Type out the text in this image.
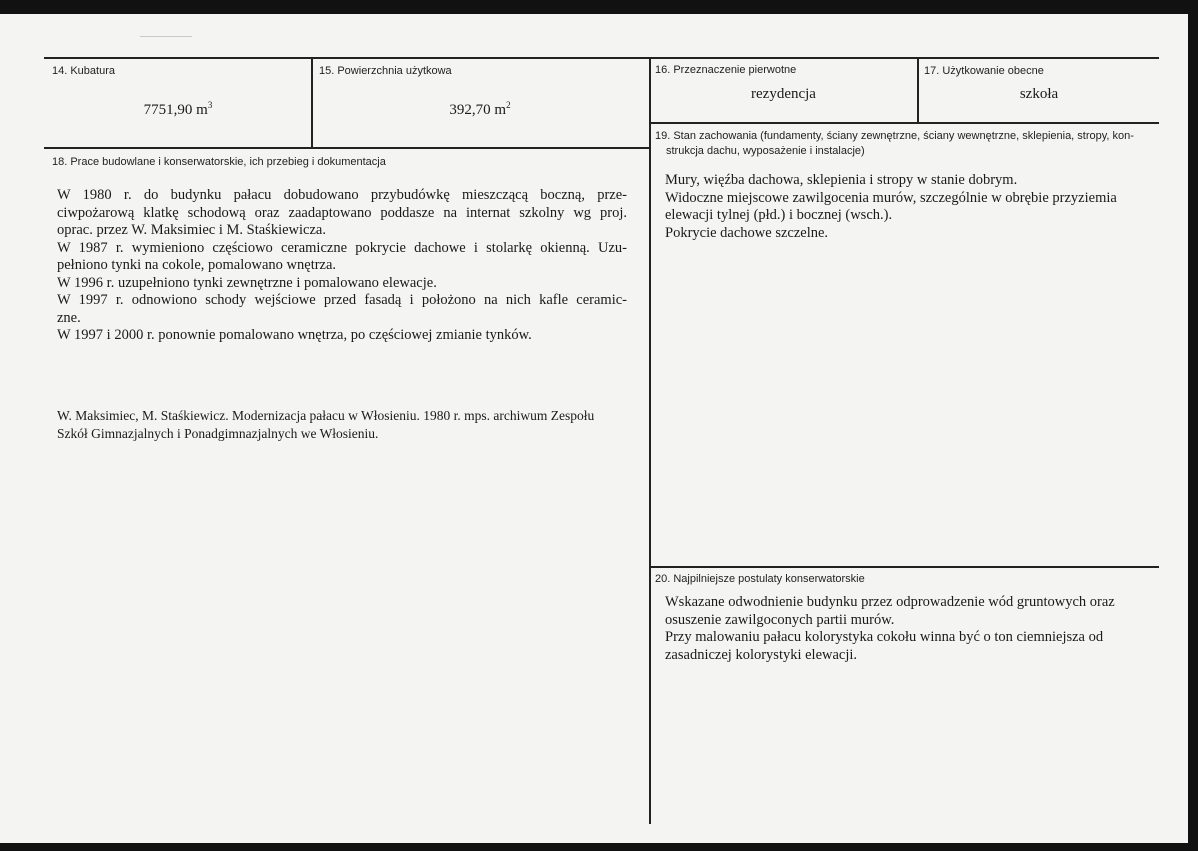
14. Kubatura
7751,90 $m^3$
15. Powierzchnia użytkowa
392,70 $m^2$
16. Przeznaczenie pierwotne
rezydencja
17. Użytkowanie obecne
szkoła
18. Prace budowlane i konserwatorskie, ich przebieg i dokumentacja

W 1980 r. do budynku pałacu dobudowano przybudówkę mieszczącą boczną, prze-

ciwpożarową klatkę schodową oraz zaadaptowano poddasze na internat szkolny wg proj.

oprac. przez W. Maksimiec i M. Staśkiewicza.

W 1987 r. wymieniono częściowo ceramiczne pokrycie dachowe i stolarkę okienną. Uzu-

pełniono tynki na cokole, pomalowano wnętrza.

W 1996 r. uzupełniono tynki zewnętrzne i pomalowano elewacje.

W 1997 r. odnowiono schody wejściowe przed fasadą i położono na nich kafle ceramic-

zne.

W 1997 i 2000 r. ponownie pomalowano wnętrza, po częściowej zmianie tynków.

W. Maksimiec, M. Staśkiewicz. Modernizacja pałacu w Włosieniu. 1980 r. mps. archiwum Zespołu

Szkół Gimnazjalnych i Ponadgimnazjalnych we Włosieniu.

19. Stan zachowania (fundamenty, ściany zewnętrzne, ściany wewnętrzne, sklepienia, stropy, kon-
strukcja dachu, wyposażenie i instalacje)

Mury, więźba dachowa, sklepienia i stropy w stanie dobrym.

Widoczne miejscowe zawilgocenia murów, szczególnie w obrębie przyziemia

elewacji tylnej (płd.) i bocznej (wsch.).

Pokrycie dachowe szczelne.

20. Najpilniejsze postulaty konserwatorskie

Wskazane odwodnienie budynku przez odprowadzenie wód gruntowych oraz

osuszenie zawilgoconych partii murów.

Przy malowaniu pałacu kolorystyka cokołu winna być o ton ciemniejsza od

zasadniczej kolorystyki elewacji.
